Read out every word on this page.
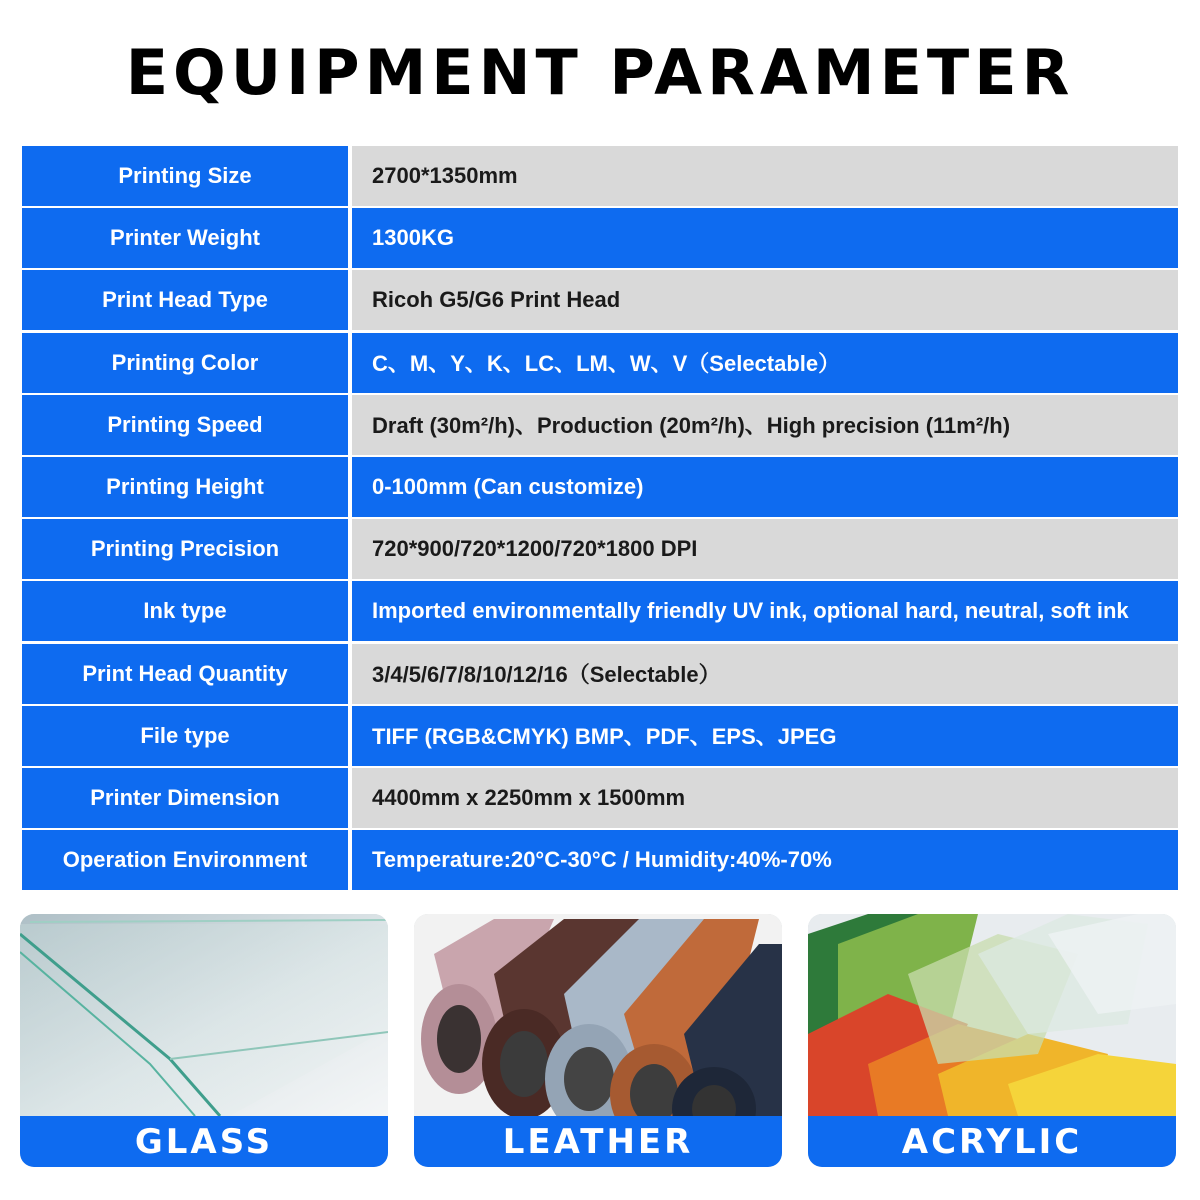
EQUIPMENT PARAMETER
Printing Size	2700*1350mm
Printer Weight	1300KG
Print Head Type	Ricoh G5/G6 Print Head
Printing Color	C、M、Y、K、LC、LM、W、V（Selectable）
Printing Speed	Draft (30m²/h)、Production (20m²/h)、High precision (11m²/h)
Printing Height	0-100mm (Can customize)
Printing Precision	720*900/720*1200/720*1800 DPI
Ink type	Imported environmentally friendly UV ink, optional hard, neutral, soft ink
Print Head Quantity	3/4/5/6/7/8/10/12/16（Selectable）
File type	TIFF (RGB&CMYK) BMP、PDF、EPS、JPEG
Printer Dimension	4400mm x 2250mm x 1500mm
Operation Environment	Temperature:20°C-30°C / Humidity:40%-70%
GLASS	LEATHER	ACRYLIC
